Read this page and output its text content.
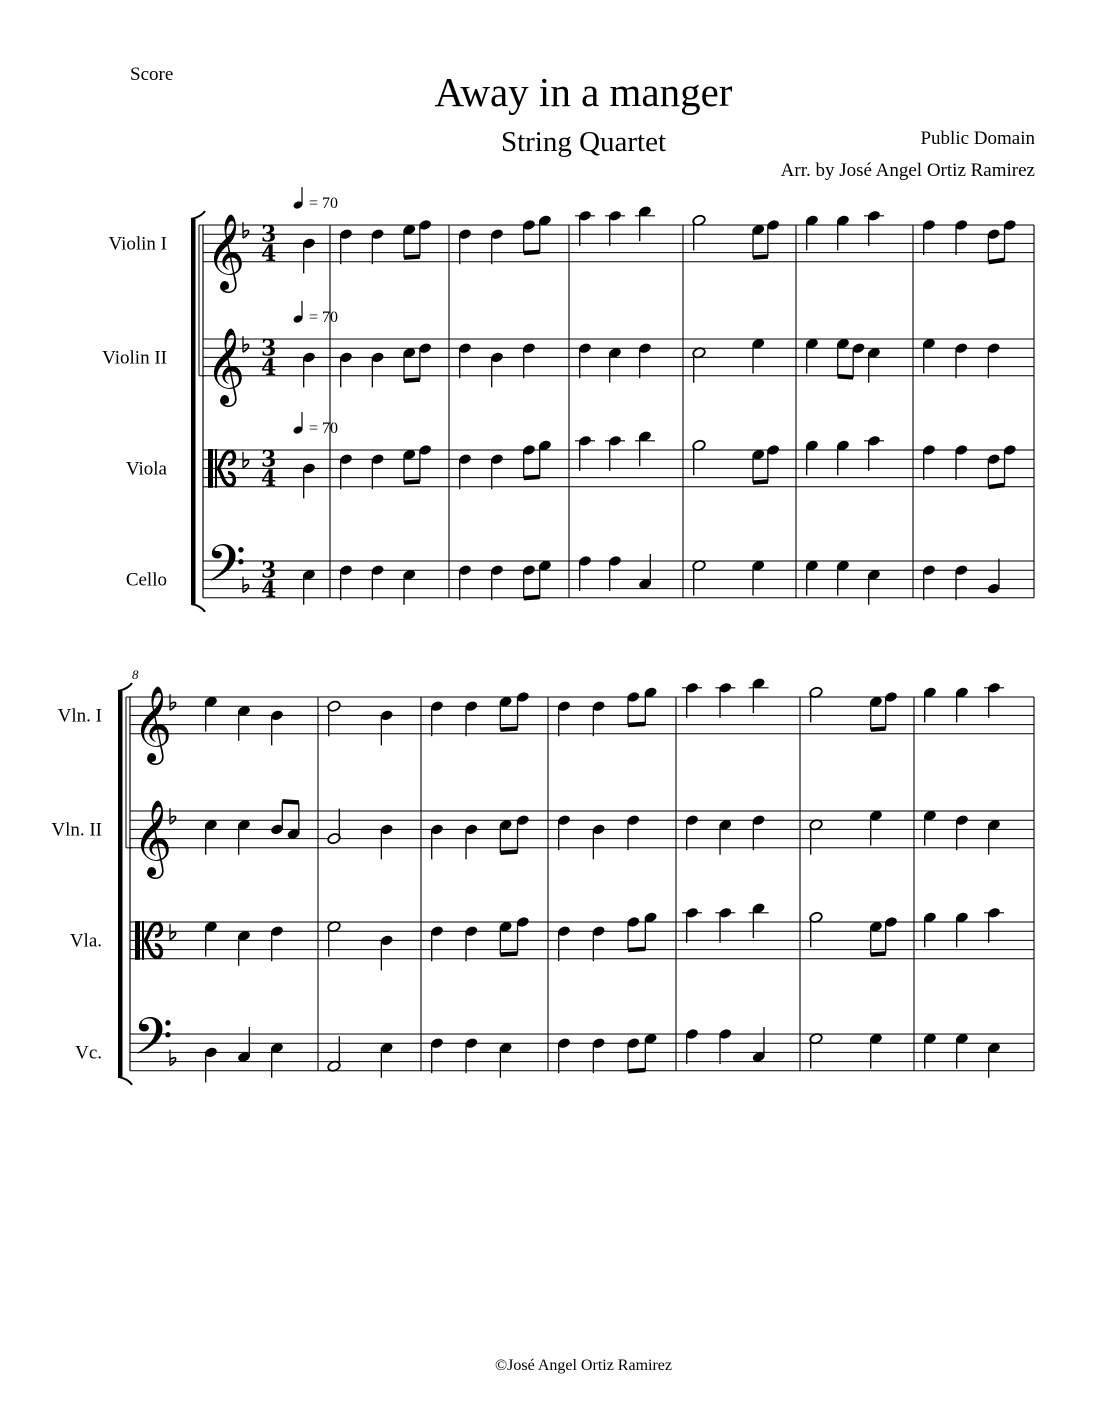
Score	Away in a manger
String Quartet	Public Domain
Arr. by José Angel Ortiz Ramirez
Violin I 𝄞 3
4
= 70
Violin II 𝄞 3
4
= 70
Viola	3
4
= 70
Cello 𝄢 3
4
8
Vln. I 𝄞
Vln. II 𝄞
Vla.
Vc. 𝄢
©José Angel Ortiz Ramirez
